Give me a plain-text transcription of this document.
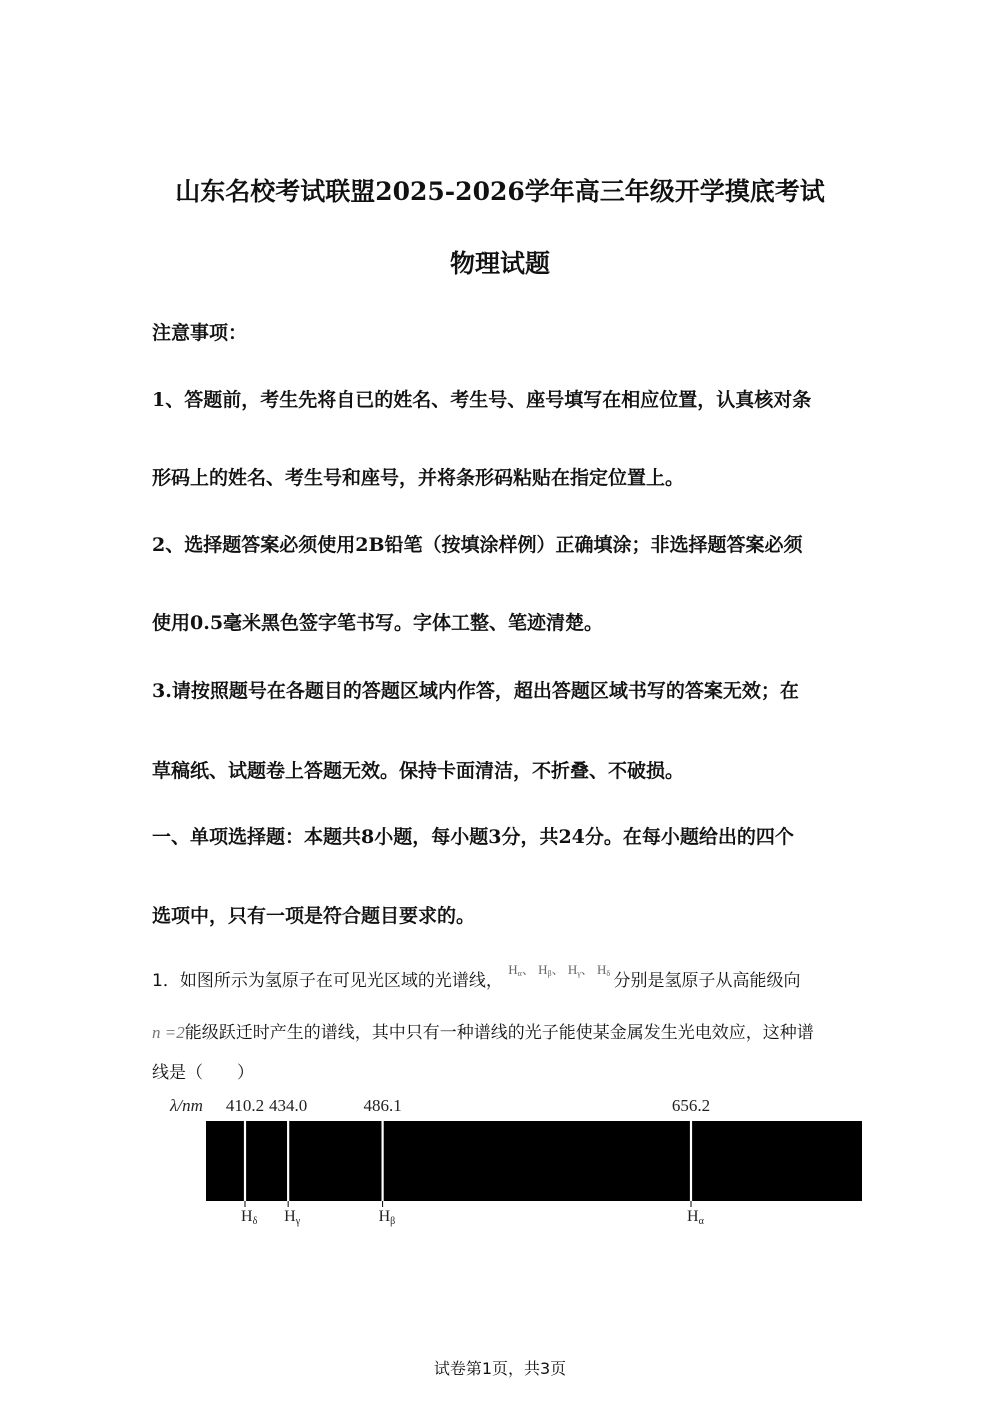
山东名校考试联盟2025-2026学年高三年级开学摸底考试
物理试题
注意事项：
1、答题前，考生先将自已的姓名、考生号、座号填写在相应位置，认真核对条
形码上的姓名、考生号和座号，并将条形码粘贴在指定位置上。
2、选择题答案必须使用2B铅笔（按填涂样例）正确填涂；非选择题答案必须
使用0.5毫米黑色签字笔书写。字体工整、笔迹清楚。
3.请按照题号在各题目的答题区域内作答，超出答题区域书写的答案无效；在
草稿纸、试题卷上答题无效。保持卡面清洁，不折叠、不破损。
一、单项选择题：本题共8小题，每小题3分，共24分。在每小题给出的四个
选项中，只有一项是符合题目要求的。
1．如图所示为氢原子在可见光区域的光谱线， $^{H_\alpha、 H_\beta、 H_\gamma、 H_\delta}$ 分别是氢原子从高能级向
n =2能级跃迁时产生的谱线，其中只有一种谱线的光子能使某金属发生光电效应，这种谱
线是（　　）
λ/nm 410.2
Hδ
434.0
Hγ
486.1
Hβ
656.2
Hα
试卷第1页，共3页
